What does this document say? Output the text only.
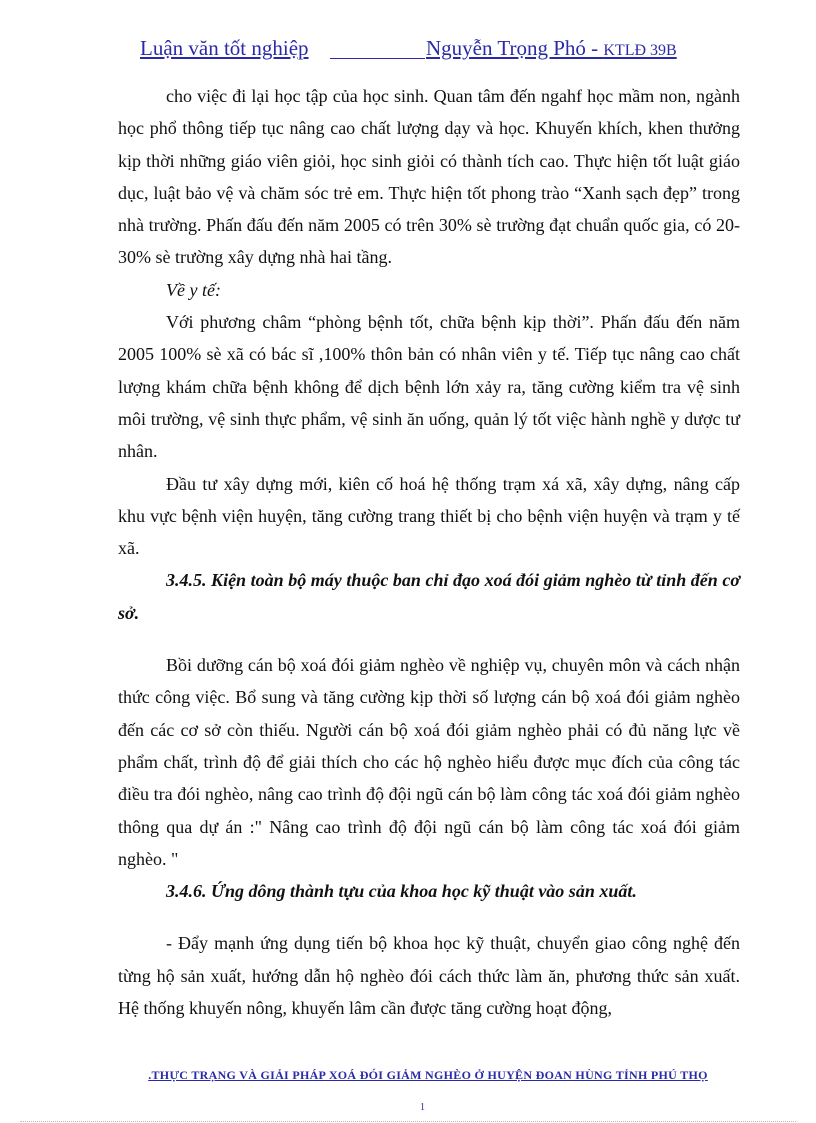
Luận văn tốt nghiệp	Nguyễn Trọng Phó - KTLĐ 39B

cho việc đi lại học tập của học sinh. Quan tâm đến ngahf học mầm non, ngành học phổ thông tiếp tục nâng cao chất lượng dạy và học. Khuyến khích, khen thưởng kịp thời những giáo viên giỏi, học sinh giỏi có thành tích cao. Thực hiện tốt luật giáo dục, luật bảo vệ và chăm sóc trẻ em. Thực hiện tốt phong trào “Xanh sạch đẹp” trong nhà trường. Phấn đấu đến năm 2005 có trên 30% sè trường đạt chuẩn quốc gia, có 20-30% sè trường xây dựng nhà hai tầng.

Về y tế:

Với phương châm “phòng bệnh tốt, chữa bệnh kịp thời”. Phấn đấu đến năm 2005 100% sè xã có bác sĩ ,100% thôn bản có nhân viên y tế. Tiếp tục nâng cao chất lượng khám chữa bệnh không để dịch bệnh lớn xảy ra, tăng cường kiểm tra vệ sinh môi trường, vệ sinh thực phẩm, vệ sinh ăn uống, quản lý tốt việc hành nghề y dược tư nhân.

Đầu tư xây dựng mới, kiên cố hoá hệ thống trạm xá xã, xây dựng, nâng cấp khu vực bệnh viện huyện, tăng cường trang thiết bị cho bệnh viện huyện và trạm y tế xã.

3.4.5. Kiện toàn bộ máy thuộc ban chỉ đạo xoá đói giảm nghèo từ tỉnh đến cơ sở.

Bồi dưỡng cán bộ xoá đói giảm nghèo về nghiệp vụ, chuyên môn và cách nhận thức công việc. Bổ sung và tăng cường kịp thời số lượng cán bộ xoá đói giảm nghèo đến các cơ sở còn thiếu. Người cán bộ xoá đói giảm nghèo phải có đủ năng lực về phẩm chất, trình độ để giải thích cho các hộ nghèo hiểu được mục đích của công tác điều tra đói nghèo, nâng cao trình độ đội ngũ cán bộ làm công tác xoá đói giảm nghèo thông qua dự án :" Nâng cao trình độ đội ngũ cán bộ làm công tác xoá đói giảm nghèo. "

3.4.6. Ứng dông thành tựu của khoa học kỹ thuật vào sản xuất.

- Đẩy mạnh ứng dụng tiến bộ khoa học kỹ thuật, chuyển giao công nghệ đến từng hộ sản xuất, hướng dẫn hộ nghèo đói cách thức làm ăn, phương thức sản xuất. Hệ thống khuyến nông, khuyến lâm cần được tăng cường hoạt động,

.THỰC TRẠNG VÀ GIẢI PHÁP XOÁ ĐÓI GIẢM NGHÈO Ở HUYỆN ĐOAN HÙNG TỈNH PHÚ THỌ
1
